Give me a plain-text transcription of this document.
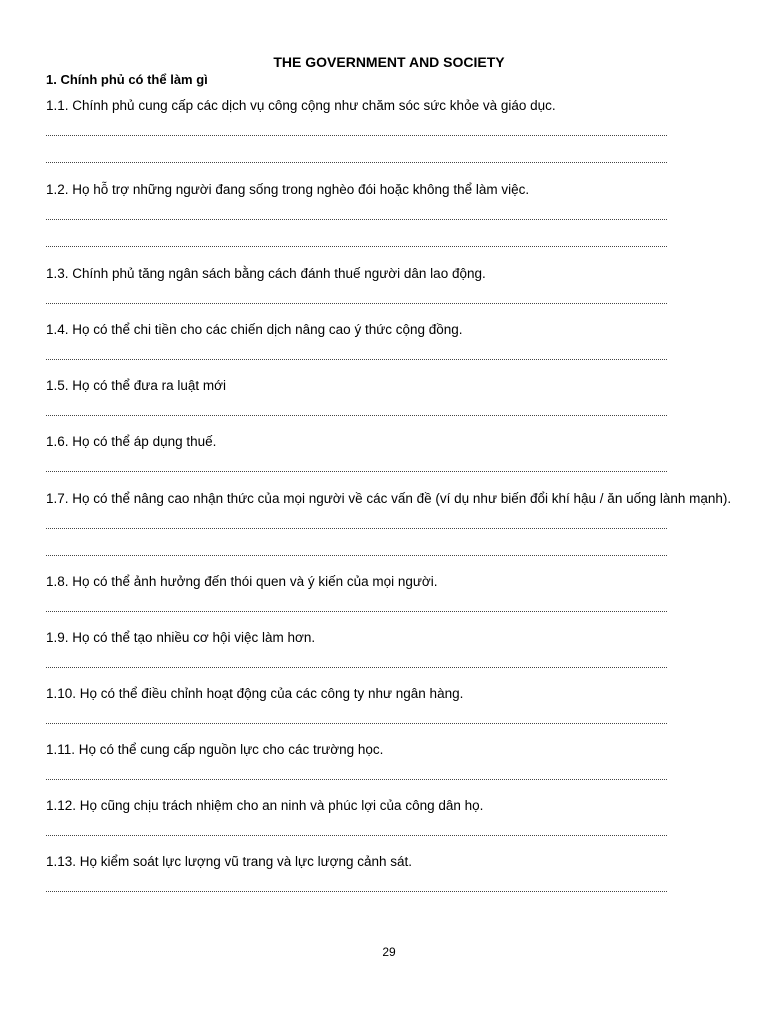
THE GOVERNMENT AND SOCIETY
1. Chính phủ có thể làm gì
1.1. Chính phủ cung cấp các dịch vụ công cộng như chăm sóc sức khỏe và giáo dục.
1.2. Họ hỗ trợ những người đang sống trong nghèo đói hoặc không thể làm việc.
1.3. Chính phủ tăng ngân sách bằng cách đánh thuế người dân lao động.
1.4. Họ có thể chi tiền cho các chiến dịch nâng cao ý thức cộng đồng.
1.5. Họ có thể đưa ra luật mới
1.6. Họ có thể áp dụng thuế.
1.7. Họ có thể nâng cao nhận thức của mọi người về các vấn đề (ví dụ như biến đổi khí hậu / ăn uống lành mạnh).
1.8. Họ có thể ảnh hưởng đến thói quen và ý kiến của mọi người.
1.9. Họ có thể tạo nhiều cơ hội việc làm hơn.
1.10. Họ có thể điều chỉnh hoạt động của các công ty như ngân hàng.
1.11. Họ có thể cung cấp nguồn lực cho các trường học.
1.12. Họ cũng chịu trách nhiệm cho an ninh và phúc lợi của công dân họ.
1.13. Họ kiểm soát lực lượng vũ trang và lực lượng cảnh sát.
29
